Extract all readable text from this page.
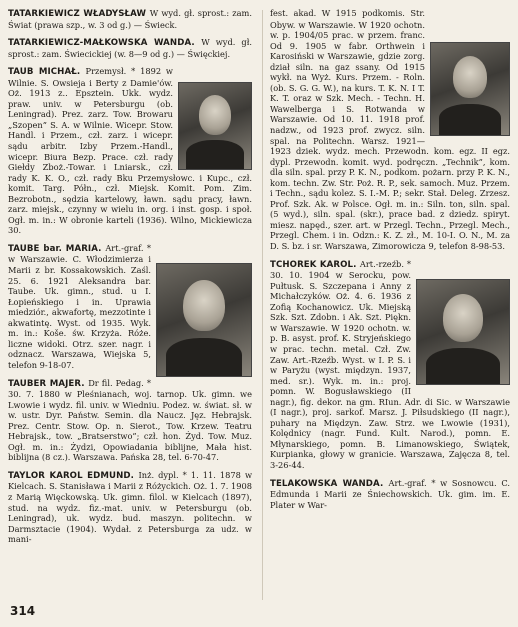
TATARKIEWICZ WŁADYSŁAW W wyd. gł. sprost.: zam. Świat (prawa szp., w. 3 od g.) — Świeck.

TATARKIEWICZ-MAŁKOWSKA WANDA. W wyd. gł. sprost.: zam. Świecickiej (w. 8—9 od g.) — Święckiej.

TAUB MICHAŁ. Przemysł. * 1892 w Wilnie. S. Owsieja i Berty z Damie'ów. Oż. 1913 z.. Epsztein. Ukk. wydz. praw. univ. w Petersburgu (ob. Leningrad). Prez. zarz. Tow. Browaru „Szopen” S. A. w Wilnie. Wicepr. Stow. Handl. i Przem., czł. zarz. i wicepr. sądu arbitr. Izby Przem.-Handl., wicepr. Biura Bezp. Prace. czł. rady Giełdy Zboż.-Towar. i Lniarsk., czł. rady K. K. O., czł. rady Bku Przemysłowc. i Kupc., czł. komit. Targ. Półn., czł. Miejsk. Komit. Pom. Zim. Bezrobotn., sędzia kartelowy, ławn. sądu pracy, ławn. zarz. miejsk., czynny w wielu in. org. i inst. gosp. i społ. Ogł. m. in.: W obronie karteli (1936). Wilno, Mickiewicza 30.

TAUBE bar. MARIA. Art.-graf. * w Warszawie. C. Włodzimierza i Marii z br. Kossakowskich. Zaśl. 25. 6. 1921 Aleksandra bar. Taube. Uk. gimn., stud. u I. Łopieńskiego i in. Uprawia miedziór., akwafortę, mezzotinte i akwatintę. Wyst. od 1935. Wyk. m. in.: Koše. św. Krzyża. Róże. liczne widoki. Otrz. szer. nagr. i odznacz. Warszawa, Wiejska 5, telefon 9-18-07.

TAUBER MAJER. Dr fil. Pedag. * 30. 7. 1880 w Pleśnianach, woj. tarnop. Uk. gimn. we Lwowie i wydz. fil. univ. w Wiedniu. Podez. w. świat. sł. w w. ustr. Dyr. Państw. Semin. dla Naucz. Jęz. Hebrajsk. Prez. Centr. Stow. Op. n. Sierot., Tow. Krzew. Teatru Hebrajsk., tow. „Bratserstwo”; czł. hon. Żyd. Tow. Muz. Ogł. m. in.: Żydzi, Opowiadania biblijne, Mała hist. biblijna (8 cz.). Warszawa. Pańska 28, tel. 6-70-47.

TAYLOR KAROL EDMUND. Inż. dypl. * 1. 11. 1878 w Kielcach. S. Stanisława i Marii z Różyckich. Oż. 1. 7. 1908 z Marią Więckowską. Uk. gimn. filol. w Kielcach (1897), stud. na wydz. fiz.-mat. univ. w Petersburgu (ob. Leningrad), uk. wydz. bud. maszyn. politechn. w Darmsztacie (1904). Wydał. z Petersburga za udz. w mani-

fest. akad. W 1915 podkomis. Str. Obyw. w Warszawie. W 1920 ochotn. w. p. 1904/05 prac. w przem. franc. Od 9. 1905 w fabr. Orthwein i Karosiński w Warszawie, gdzie zorg. dział siln. na gaz ssany. Od 1915 wykł. na Wyż. Kurs. Przem. - Roln. (ob. S. G. G. W.), na kurs. T. K. N. I T. K. T. oraz w Szk. Mech. - Techn. H. Wawelberga i S. Rotwanda w Warszawie. Od 10. 11. 1918 prof. nadzw., od 1923 prof. zwycz. siln. spal. na Politechn. Warsz. 1921—1923 dziek. wydz. mech. Przewodn. kom. egz. II egz. dypl. Przewodn. komit. wyd. podręczn. „Technik”, kom. dla siln. spal. przy P. K. N., podkom. pożarn. przy P. K. N., kom. techn. Zw. Str. Poż. R. P., sek. samoch. Muz. Przem. i Techn., sądu kolez. S. I.-M. P.; sekr. Stał. Deleg. Zrzesz. Prof. Szk. Ak. w Polsce. Ogł. m. in.: Siln. ton, siln. spal. (5 wyd.), siln. spal. (skr.), prace bad. z dziedz. spiryt. miesz. napęd., szer. art. w Przegl. Techn., Przegl. Mech., Przegl. Chem. i in. Odzn.: K. Z. zł., M. 10-I. O. N., M. za D. S. bz. i sr. Warszawa, Zimorowicza 9, telefon 8-98-53.

TCHOREK KAROL. Art.-rzeźb. * 30. 10. 1904 w Serocku, pow. Pułtusk. S. Szczepana i Anny z Michałczyków. Oż. 4. 6. 1936 z Zofią Kochanowicz. Uk. Miejską Szk. Szt. Zdobn. i Ak. Szt. Piękn. w Warszawie. W 1920 ochotn. w. p. B. asyst. prof. K. Stryjeńskiego w prac. techn. metal. Czł. Zw. Zaw. Art.-Rzeźb. Wyst. w I. P. S. i w Paryżu (wyst. międzyn. 1937, med. sr.). Wyk. m. in.: proj. pomn. W. Bogusławskiego (II nagr.), fig. dekor. na gm. RIun. Adr. di Sic. w Warszawie (I nagr.), proj. sarkof. Marsz. J. Piłsudskiego (II nagr.), puhary na Międzyn. Zaw. Strz. we Lwowie (1931), Kolędnicy (nagr. Fund. Kult. Narod.), pomn. E. Młynarskiego, pomn. B. Limanowskiego, Świątek, Kurpianka, głowy w granicie. Warszawa, Zajęcza 8, tel. 3-26-44.

TELAKOWSKA WANDA. Art.-graf. * w Sosnowcu. C. Edmunda i Marii ze Śniechowskich. Uk. gim. im. E. Plater w War-

314
